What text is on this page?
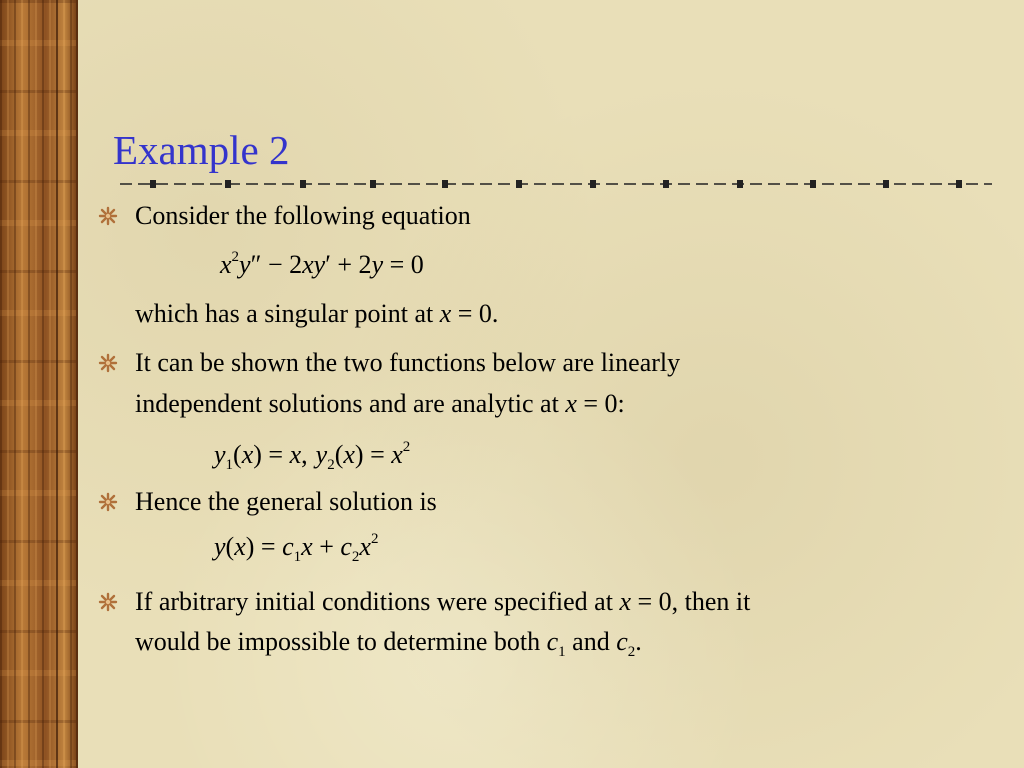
Example 2
Consider the following equation
$x^2y'' - 2xy' + 2y = 0$
which has a singular point at x = 0.
It can be shown the two functions below are linearly
independent solutions and are analytic at x = 0:
$y_1(x) = x$, $y_2(x) = x^2$
Hence the general solution is
$y(x) = c_1x + c_2x^2$
If arbitrary initial conditions were specified at x = 0, then it
would be impossible to determine both $c_1$ and $c_2$.
